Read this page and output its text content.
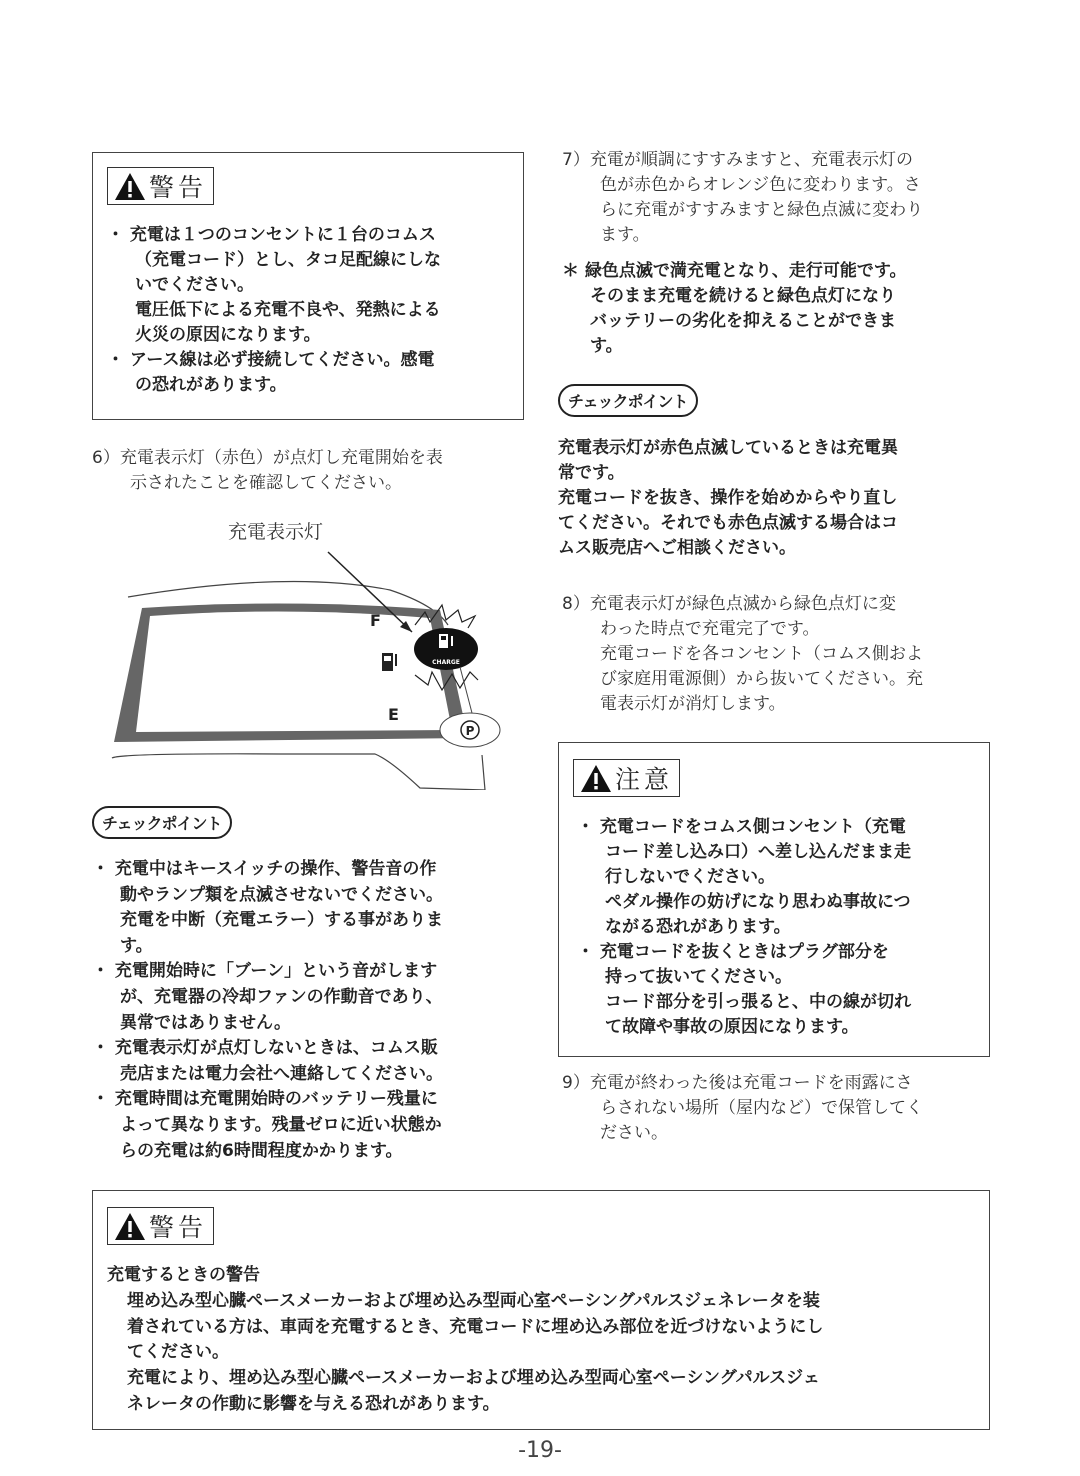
警告
・ 充電は１つのコンセントに１台のコムス
（充電コード）とし、タコ足配線にしな
いでください。
電圧低下による充電不良や、発熱による
火災の原因になります。
・ アース線は必ず接続してください。感電
の恐れがあります。
6）充電表示灯（赤色）が点灯し充電開始を表
示されたことを確認してください。
充電表示灯
F
E
CHARGE
P
チェックポイント
・ 充電中はキースイッチの操作、警告音の作
動やランプ類を点滅させないでください。
充電を中断（充電エラー）する事がありま
す。
・ 充電開始時に「ブーン」という音がします
が、充電器の冷却ファンの作動音であり、
異常ではありません。
・ 充電表示灯が点灯しないときは、コムス販
売店または電力会社へ連絡してください。
・ 充電時間は充電開始時のバッテリー残量に
よって異なります。残量ゼロに近い状態か
らの充電は約6時間程度かかります。
7）充電が順調にすすみますと、充電表示灯の
色が赤色からオレンジ色に変わります。さ
らに充電がすすみますと緑色点滅に変わり
ます。
＊ 緑色点滅で満充電となり、走行可能です。
そのまま充電を続けると緑色点灯になり
バッテリーの劣化を抑えることができま
す。
チェックポイント
充電表示灯が赤色点滅しているときは充電異
常です。
充電コードを抜き、操作を始めからやり直し
てください。それでも赤色点滅する場合はコ
ムス販売店へご相談ください。
8）充電表示灯が緑色点滅から緑色点灯に変
わった時点で充電完了です。
充電コードを各コンセント（コムス側およ
び家庭用電源側）から抜いてください。充
電表示灯が消灯します。
注意
・ 充電コードをコムス側コンセント（充電
コード差し込み口）へ差し込んだまま走
行しないでください。
ペダル操作の妨げになり思わぬ事故につ
ながる恐れがあります。
・ 充電コードを抜くときはプラグ部分を
持って抜いてください。
コード部分を引っ張ると、中の線が切れ
て故障や事故の原因になります。
9）充電が終わった後は充電コードを雨露にさ
らされない場所（屋内など）で保管してく
ださい。
警告
充電するときの警告
埋め込み型心臓ペースメーカーおよび埋め込み型両心室ペーシングパルスジェネレータを装
着されている方は、車両を充電するとき、充電コードに埋め込み部位を近づけないようにし
てください。
充電により、埋め込み型心臓ペースメーカーおよび埋め込み型両心室ペーシングパルスジェ
ネレータの作動に影響を与える恐れがあります。
-19-
